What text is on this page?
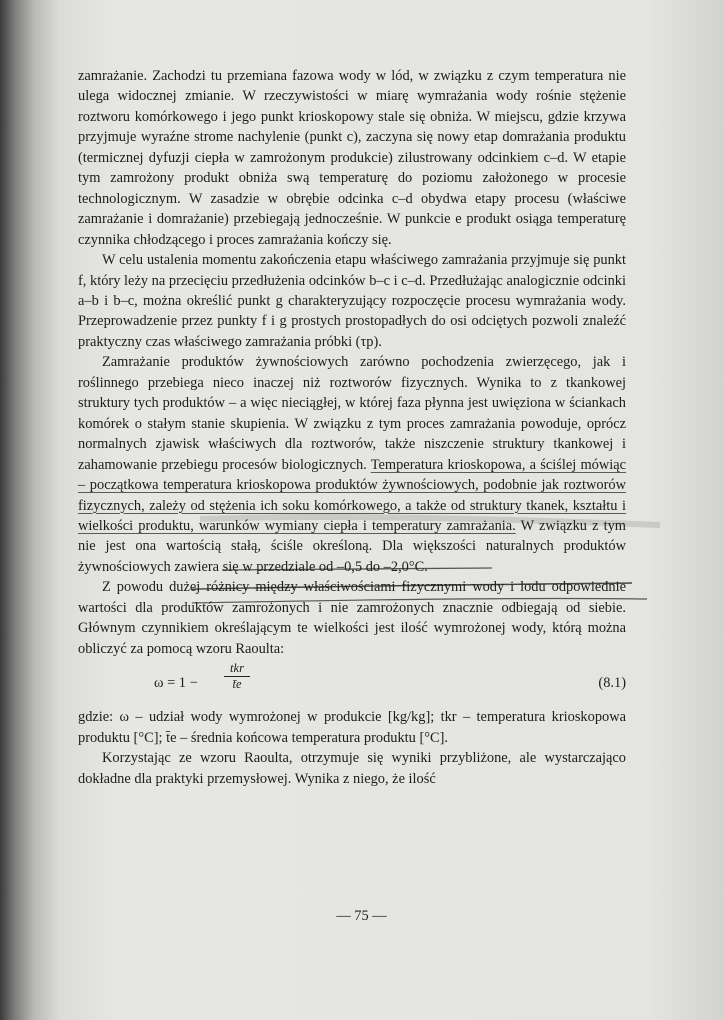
zamrażanie. Zachodzi tu przemiana fazowa wody w lód, w związku z czym temperatura nie ulega widocznej zmianie. W rzeczywistości w miarę wymrażania wody rośnie stężenie roztworu komórkowego i jego punkt krioskopowy stale się obniża. W miejscu, gdzie krzywa przyjmuje wyraźne strome nachylenie (punkt c), zaczyna się nowy etap domrażania produktu (termicznej dyfuzji ciepła w zamrożonym produkcie) zilustrowany odcinkiem c–d. W etapie tym zamrożony produkt obniża swą temperaturę do poziomu założonego w procesie technologicznym. W zasadzie w obrębie odcinka c–d obydwa etapy procesu (właściwe zamrażanie i domrażanie) przebiegają jednocześnie. W punkcie e produkt osiąga temperaturę czynnika chłodzącego i proces zamrażania kończy się.

W celu ustalenia momentu zakończenia etapu właściwego zamrażania przyjmuje się punkt f, który leży na przecięciu przedłużenia odcinków b–c i c–d. Przedłużając analogicznie odcinki a–b i b–c, można określić punkt g charakteryzujący rozpoczęcie procesu wymrażania wody. Przeprowadzenie przez punkty f i g prostych prostopadłych do osi odciętych pozwoli znaleźć praktyczny czas właściwego zamrażania próbki (τp).

Zamrażanie produktów żywnościowych zarówno pochodzenia zwierzęcego, jak i roślinnego przebiega nieco inaczej niż roztworów fizycznych. Wynika to z tkankowej struktury tych produktów – a więc nieciągłej, w której faza płynna jest uwięziona w ściankach komórek o stałym stanie skupienia. W związku z tym proces zamrażania powoduje, oprócz normalnych zjawisk właściwych dla roztworów, także niszczenie struktury tkankowej i zahamowanie przebiegu procesów biologicznych. Temperatura krioskopowa, a ściślej mówiąc – początkowa temperatura krioskopowa produktów żywnościowych, podobnie jak roztworów fizycznych, zależy od stężenia ich soku komórkowego, a także od struktury tkanek, kształtu i wielkości produktu, warunków wymiany ciepła i temperatury zamrażania. W związku z tym nie jest ona wartością stałą, ściśle określoną. Dla większości naturalnych produktów żywnościowych zawiera się w przedziale od –0,5 do –2,0°C.

Z powodu dużej różnicy między właściwościami fizycznymi wody i lodu odpowiednie wartości dla produktów zamrożonych i nie zamrożonych znacznie odbiegają od siebie. Głównym czynnikiem określającym te wielkości jest ilość wymrożonej wody, którą można obliczyć za pomocą wzoru Raoulta:

ω = 1 −
tkr
t̄e	(8.1)

gdzie: ω – udział wody wymrożonej w produkcie [kg/kg]; tkr – temperatura krioskopowa produktu [°C]; t̄e – średnia końcowa temperatura produktu [°C].

Korzystając ze wzoru Raoulta, otrzymuje się wyniki przybliżone, ale wystarczająco dokładne dla praktyki przemysłowej. Wynika z niego, że ilość

— 75 —
